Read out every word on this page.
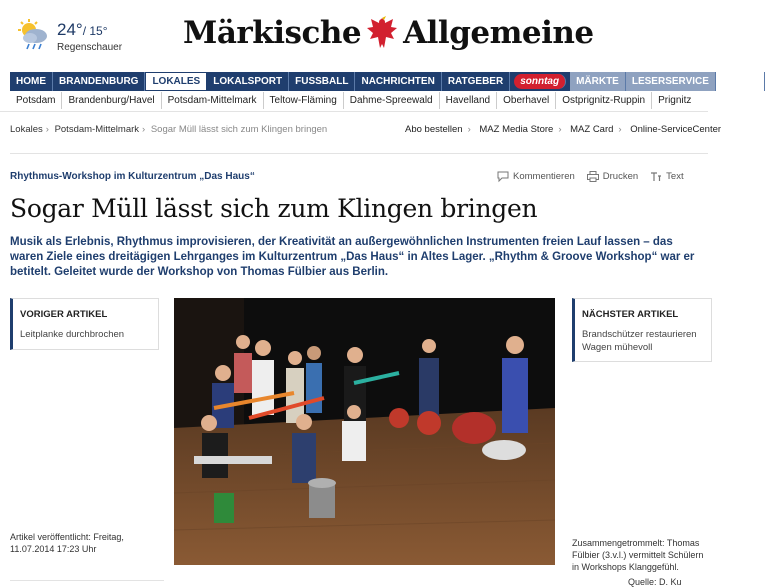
24°/ 15°
Regenschauer Märkische Allgemeine
HOME	BRANDENBURG	LOKALES	LOKALSPORT	FUSSBALL	NACHRICHTEN	RATGEBER	sonntag	MÄRKTE	LESERSERVICE	INHALT
Potsdam	Brandenburg/Havel	Potsdam-Mittelmark	Teltow-Fläming	Dahme-Spreewald	Havelland	Oberhavel	Ostprignitz-Ruppin	Prignitz
Lokales › Potsdam-Mittelmark › Sogar Müll lässt sich zum Klingen bringen	Abo bestellen › MAZ Media Store › MAZ Card › Online-ServiceCenter
Rhythmus-Workshop im Kulturzentrum „Das Haus“	Kommentieren	Drucken	Text
Sogar Müll lässt sich zum Klingen bringen
Musik als Erlebnis, Rhythmus improvisieren, der Kreativität an außergewöhnlichen Instrumenten freien Lauf lassen – das waren Ziele eines dreitägigen Lehrganges im Kulturzentrum „Das Haus“ in Altes Lager. „Rhythm & Groove Workshop“ war er betitelt. Geleitet wurde der Workshop von Thomas Fülbier aus Berlin.
VORIGER ARTIKEL
Leitplanke durchbrochen
Artikel veröffentlicht: Freitag,
11.07.2014 17:23 Uhr
NÄCHSTER ARTIKEL
Brandschützer restaurieren Wagen mühevoll
Zusammengetrommelt: Thomas
Fülbier (3.v.l.) vermittelt Schülern
in Workshops Klanggefühl.
Quelle: D. Ku
